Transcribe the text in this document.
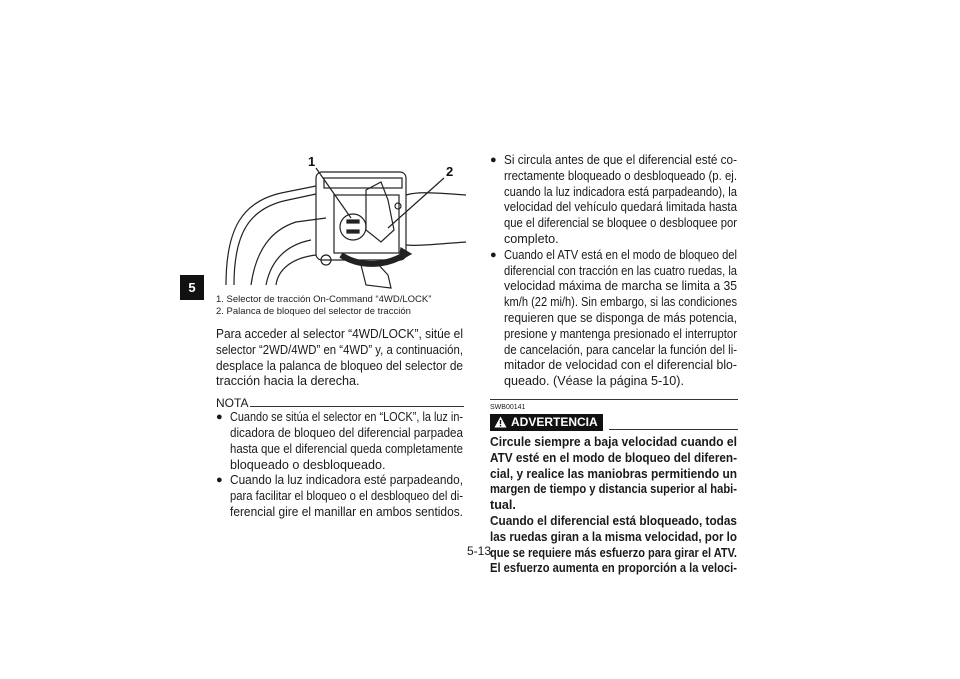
5
1
2
1. Selector de tracción On-Command “4WD/LOCK”
2. Palanca de bloqueo del selector de tracción
Para acceder al selector “4WD/LOCK”, sitúe el
selector “2WD/4WD” en “4WD” y, a continuación,
desplace la palanca de bloqueo del selector de
tracción hacia la derecha.
NOTA
● Cuando se sitúa el selector en “LOCK”, la luz in-
dicadora de bloqueo del diferencial parpadea
hasta que el diferencial queda completamente
bloqueado o desbloqueado.
● Cuando la luz indicadora esté parpadeando,
para facilitar el bloqueo o el desbloqueo del di-
ferencial gire el manillar en ambos sentidos.
● Si circula antes de que el diferencial esté co-
rrectamente bloqueado o desbloqueado (p. ej.
cuando la luz indicadora está parpadeando), la
velocidad del vehículo quedará limitada hasta
que el diferencial se bloquee o desbloquee por
completo.
● Cuando el ATV está en el modo de bloqueo del
diferencial con tracción en las cuatro ruedas, la
velocidad máxima de marcha se limita a 35
km/h (22 mi/h). Sin embargo, si las condiciones
requieren que se disponga de más potencia,
presione y mantenga presionado el interruptor
de cancelación, para cancelar la función del li-
mitador de velocidad con el diferencial blo-
queado. (Véase la página 5-10).
SWB00141
ADVERTENCIA
Circule siempre a baja velocidad cuando el
ATV esté en el modo de bloqueo del diferen-
cial, y realice las maniobras permitiendo un
margen de tiempo y distancia superior al habi-
tual.
Cuando el diferencial está bloqueado, todas
las ruedas giran a la misma velocidad, por lo
que se requiere más esfuerzo para girar el ATV.
El esfuerzo aumenta en proporción a la veloci-
5-13
